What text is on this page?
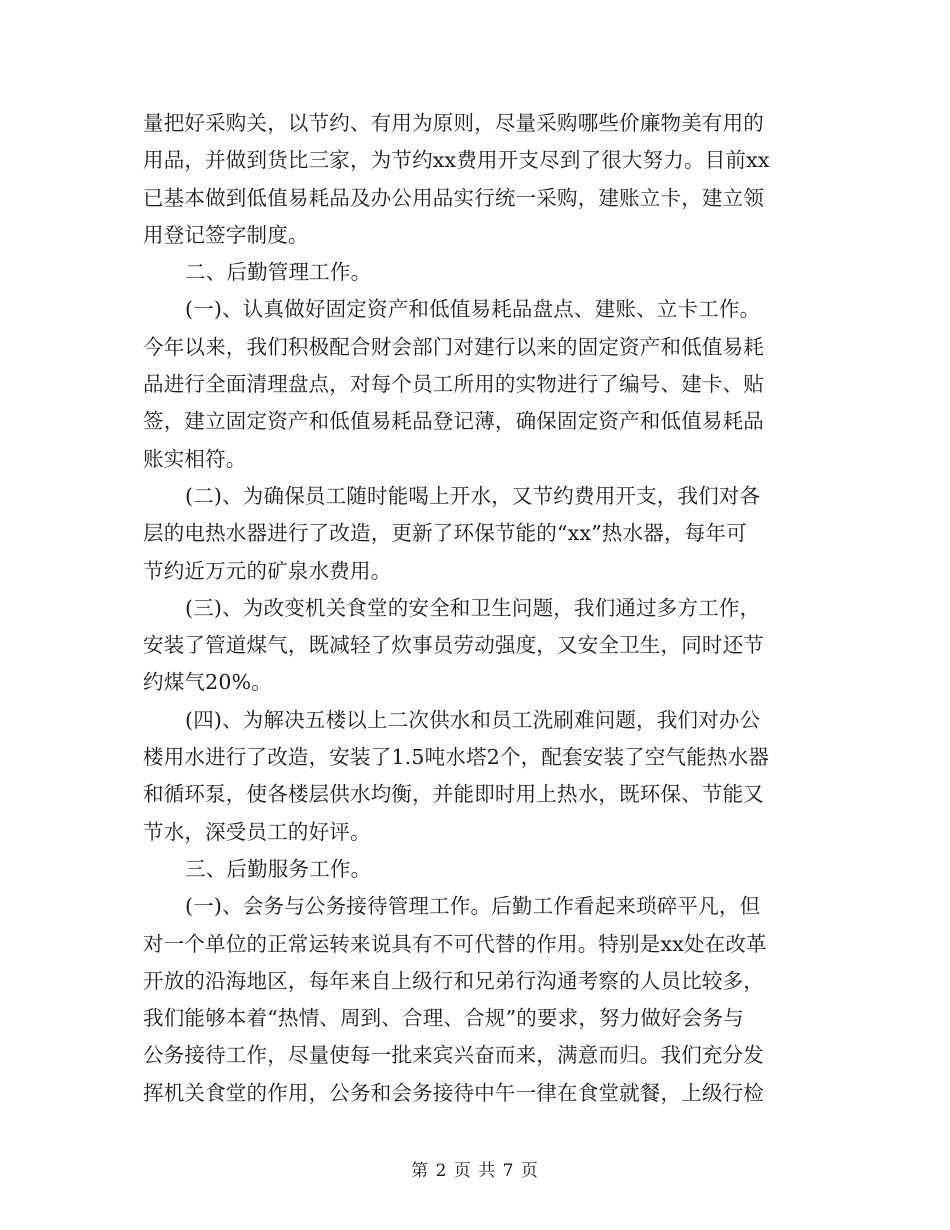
量把好采购关，以节约、有用为原则，尽量采购哪些价廉物美有用的
用品，并做到货比三家，为节约xx费用开支尽到了很大努力。目前xx
已基本做到低值易耗品及办公用品实行统一采购，建账立卡，建立领
用登记签字制度。
二、后勤管理工作。
(一)、认真做好固定资产和低值易耗品盘点、建账、立卡工作。
今年以来，我们积极配合财会部门对建行以来的固定资产和低值易耗
品进行全面清理盘点，对每个员工所用的实物进行了编号、建卡、贴
签，建立固定资产和低值易耗品登记薄，确保固定资产和低值易耗品
账实相符。
(二)、为确保员工随时能喝上开水，又节约费用开支，我们对各
层的电热水器进行了改造，更新了环保节能的“xx”热水器，每年可
节约近万元的矿泉水费用。
(三)、为改变机关食堂的安全和卫生问题，我们通过多方工作，
安装了管道煤气，既减轻了炊事员劳动强度，又安全卫生，同时还节
约煤气20%。
(四)、为解决五楼以上二次供水和员工洗刷难问题，我们对办公
楼用水进行了改造，安装了1.5吨水塔2个，配套安装了空气能热水器
和循环泵，使各楼层供水均衡，并能即时用上热水，既环保、节能又
节水，深受员工的好评。
三、后勤服务工作。
(一)、会务与公务接待管理工作。后勤工作看起来琐碎平凡，但
对一个单位的正常运转来说具有不可代替的作用。特别是xx处在改革
开放的沿海地区，每年来自上级行和兄弟行沟通考察的人员比较多，
我们能够本着“热情、周到、合理、合规”的要求，努力做好会务与
公务接待工作，尽量使每一批来宾兴奋而来，满意而归。我们充分发
挥机关食堂的作用，公务和会务接待中午一律在食堂就餐，上级行检
第 2 页 共 7 页
